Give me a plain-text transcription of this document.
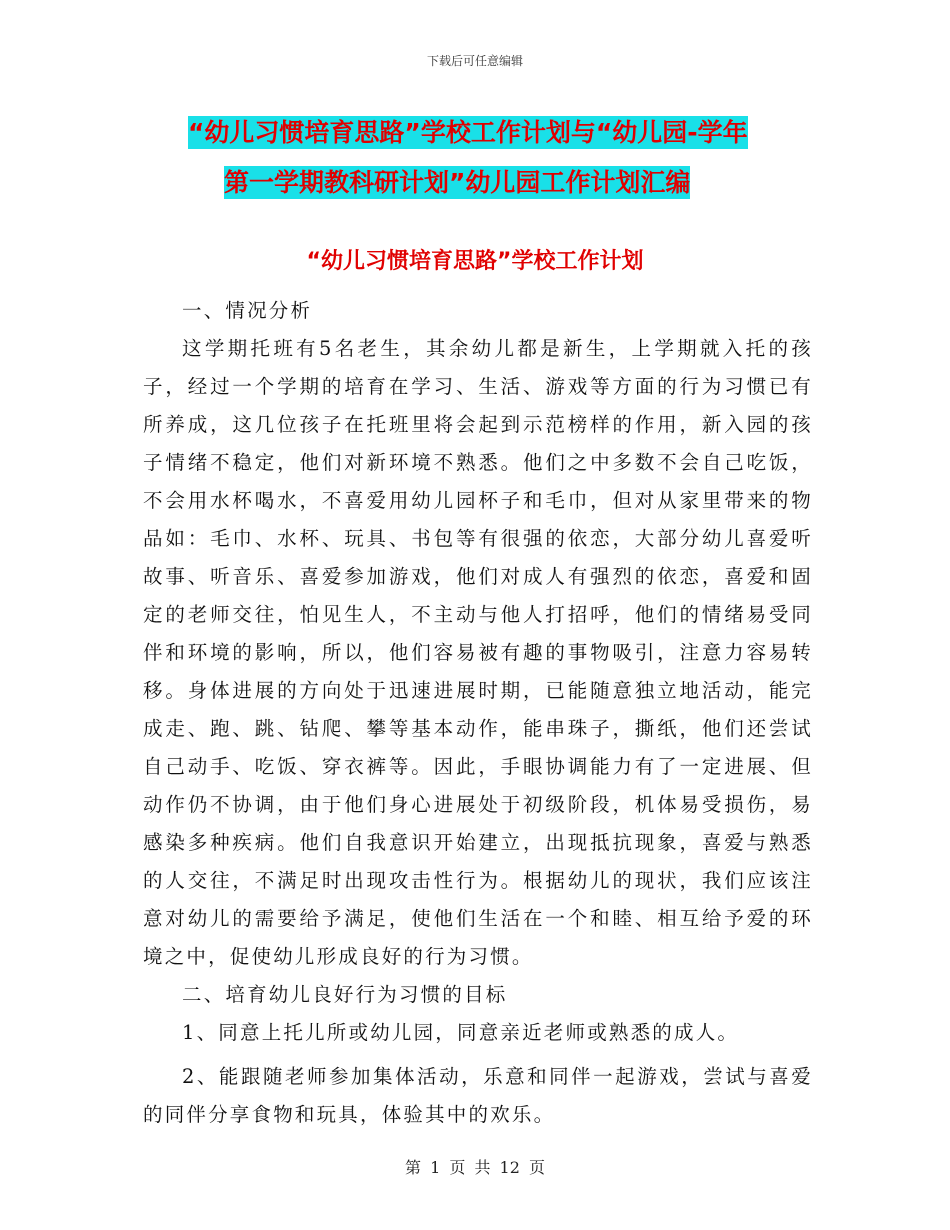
下载后可任意编辑
“幼儿习惯培育思路”学校工作计划与“幼儿园-学年
第一学期教科研计划”幼儿园工作计划汇编
“幼儿习惯培育思路”学校工作计划

一、情况分析

这学期托班有5名老生，其余幼儿都是新生，上学期就入托的孩子，经过一个学期的培育在学习、生活、游戏等方面的行为习惯已有所养成，这几位孩子在托班里将会起到示范榜样的作用，新入园的孩子情绪不稳定，他们对新环境不熟悉。他们之中多数不会自己吃饭，不会用水杯喝水，不喜爱用幼儿园杯子和毛巾，但对从家里带来的物品如：毛巾、水杯、玩具、书包等有很强的依恋，大部分幼儿喜爱听故事、听音乐、喜爱参加游戏，他们对成人有强烈的依恋，喜爱和固定的老师交往，怕见生人，不主动与他人打招呼，他们的情绪易受同伴和环境的影响，所以，他们容易被有趣的事物吸引，注意力容易转移。身体进展的方向处于迅速进展时期，已能随意独立地活动，能完成走、跑、跳、钻爬、攀等基本动作，能串珠子，撕纸，他们还尝试自己动手、吃饭、穿衣裤等。因此，手眼协调能力有了一定进展、但动作仍不协调，由于他们身心进展处于初级阶段，机体易受损伤，易感染多种疾病。他们自我意识开始建立，出现抵抗现象，喜爱与熟悉的人交往，不满足时出现攻击性行为。根据幼儿的现状，我们应该注意对幼儿的需要给予满足，使他们生活在一个和睦、相互给予爱的环境之中，促使幼儿形成良好的行为习惯。

二、培育幼儿良好行为习惯的目标

1、同意上托儿所或幼儿园，同意亲近老师或熟悉的成人。

2、能跟随老师参加集体活动，乐意和同伴一起游戏，尝试与喜爱的同伴分享食物和玩具，体验其中的欢乐。

第 1 页 共 12 页
